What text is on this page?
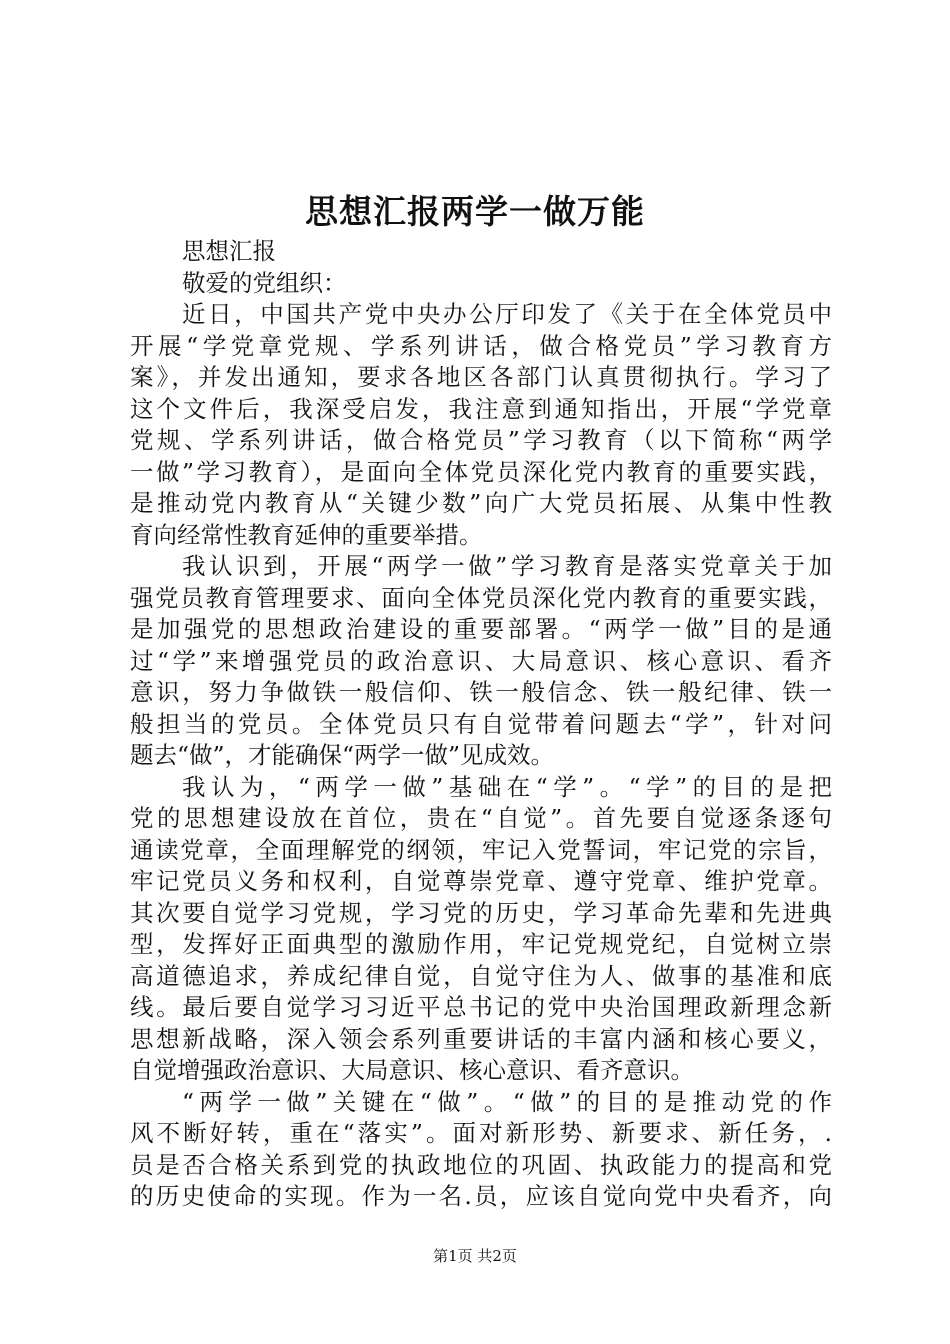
思想汇报两学一做万能
思想汇报
敬爱的党组织：
近日，中国共产党中央办公厅印发了《关于在全体党员中
开展“学党章党规、学系列讲话，做合格党员”学习教育方
案》，并发出通知，要求各地区各部门认真贯彻执行。学习了
这个文件后，我深受启发，我注意到通知指出，开展“学党章
党规、学系列讲话，做合格党员”学习教育（以下简称“两学
一做”学习教育），是面向全体党员深化党内教育的重要实践，
是推动党内教育从“关键少数”向广大党员拓展、从集中性教
育向经常性教育延伸的重要举措。
我认识到，开展“两学一做”学习教育是落实党章关于加
强党员教育管理要求、面向全体党员深化党内教育的重要实践，
是加强党的思想政治建设的重要部署。“两学一做”目的是通
过“学”来增强党员的政治意识、大局意识、核心意识、看齐
意识，努力争做铁一般信仰、铁一般信念、铁一般纪律、铁一
般担当的党员。全体党员只有自觉带着问题去“学”，针对问
题去“做”，才能确保“两学一做”见成效。
我认为，“两学一做”基础在“学”。“学”的目的是把
党的思想建设放在首位，贵在“自觉”。首先要自觉逐条逐句
通读党章，全面理解党的纲领，牢记入党誓词，牢记党的宗旨，
牢记党员义务和权利，自觉尊崇党章、遵守党章、维护党章。
其次要自觉学习党规，学习党的历史，学习革命先辈和先进典
型，发挥好正面典型的激励作用，牢记党规党纪，自觉树立崇
高道德追求，养成纪律自觉，自觉守住为人、做事的基准和底
线。最后要自觉学习习近平总书记的党中央治国理政新理念新
思想新战略，深入领会系列重要讲话的丰富内涵和核心要义，
自觉增强政治意识、大局意识、核心意识、看齐意识。
“两学一做”关键在“做”。“做”的目的是推动党的作
风不断好转，重在“落实”。面对新形势、新要求、新任务，.
员是否合格关系到党的执政地位的巩固、执政能力的提高和党
的历史使命的实现。作为一名.员，应该自觉向党中央看齐，向
第1页 共2页
